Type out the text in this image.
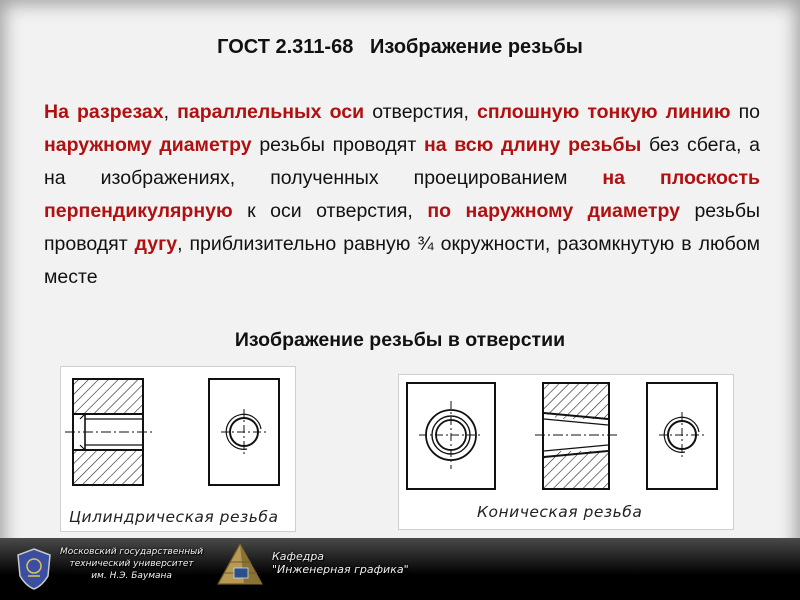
ГОСТ 2.311-68   Изображение резьбы
На разрезах, параллельных оси отверстия, сплошную тонкую линию по наружному диаметру резьбы проводят на всю длину резьбы без сбега, а на изображениях, полученных проецированием на плоскость перпендикулярную к оси отверстия, по наружному диаметру резьбы проводят дугу, приблизительно равную ¾ окружности, разомкнутую в любом месте
Изображение резьбы в отверстии
Цилиндрическая резьба	Коническая резьба
Московский государственный
технический университет
им. Н.Э. Баумана
Кафедра
"Инженерная графика"
